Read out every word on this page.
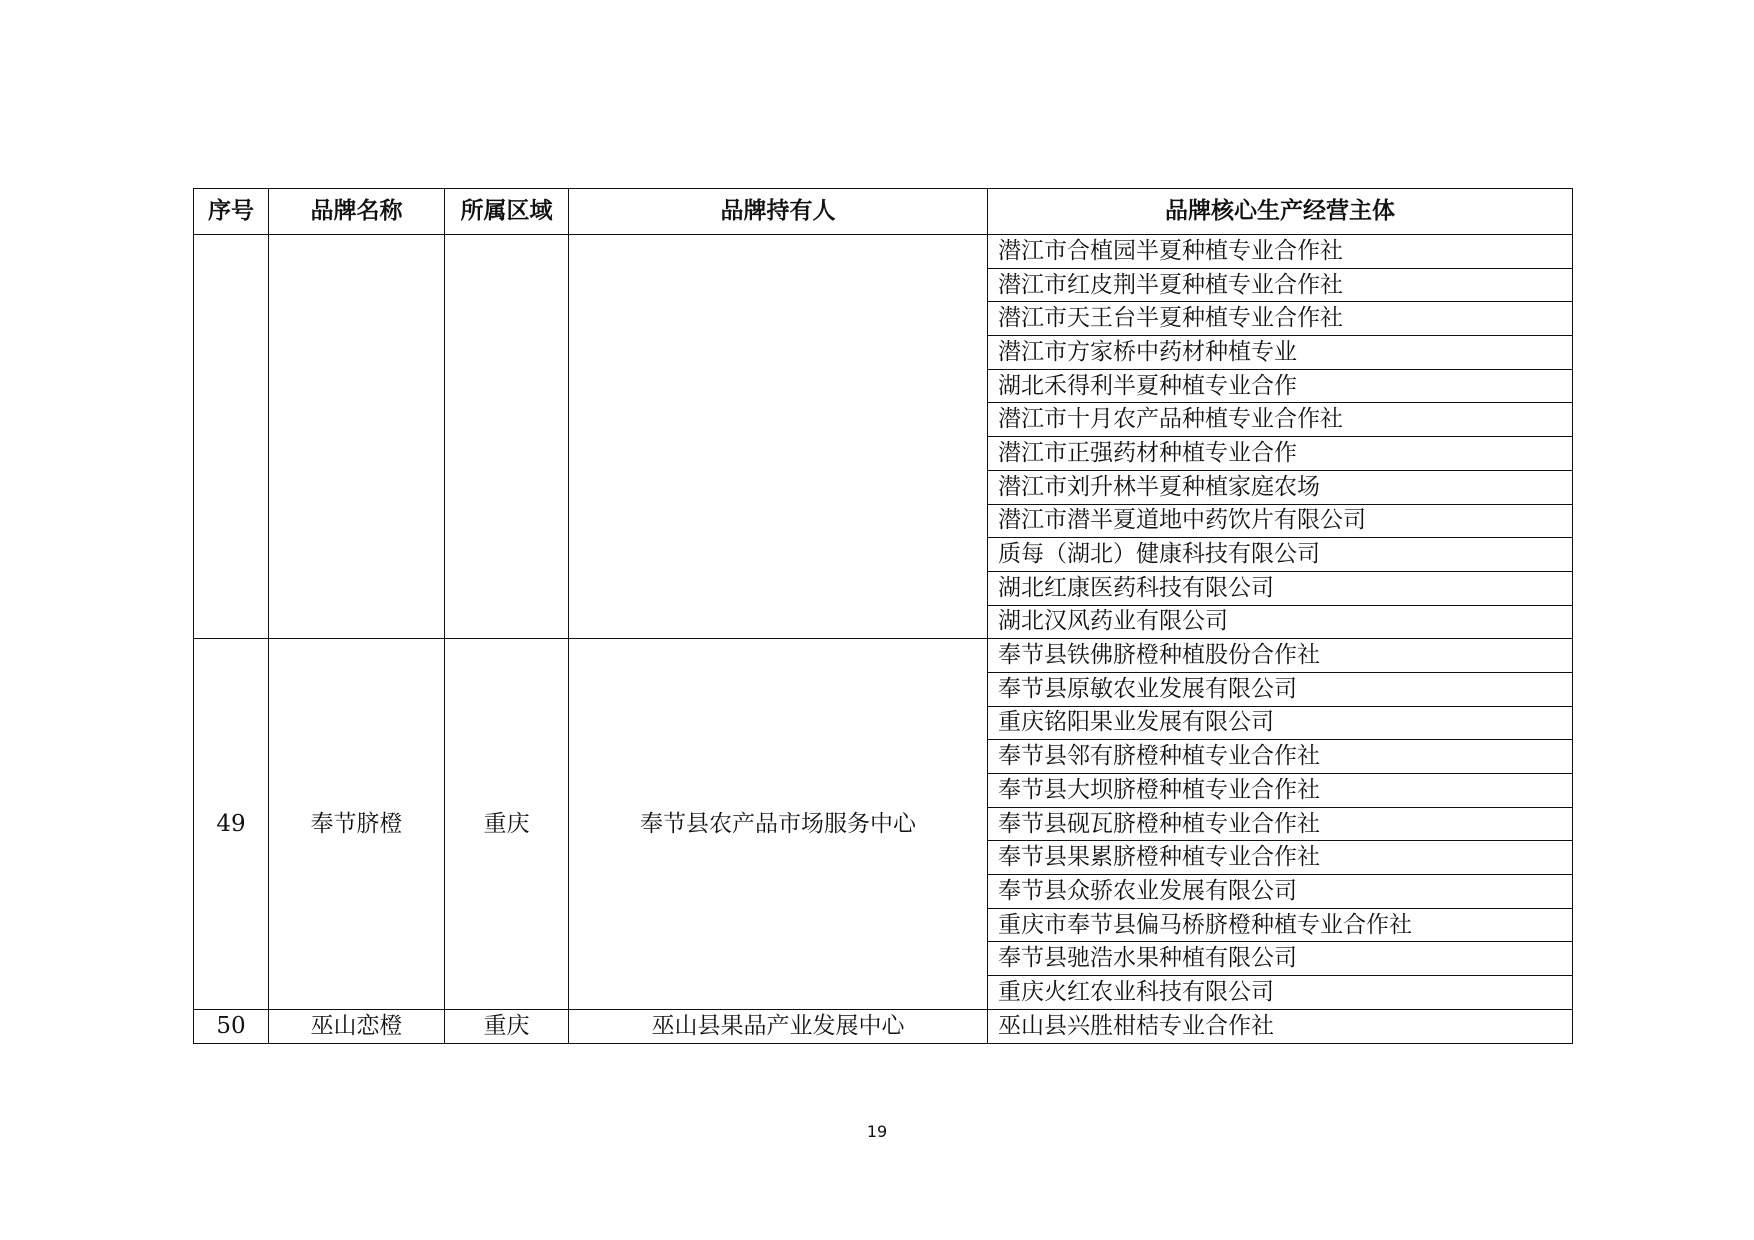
序号	品牌名称	所属区域	品牌持有人	品牌核心生产经营主体
				潜江市合植园半夏种植专业合作社
				潜江市红皮荆半夏种植专业合作社
				潜江市天王台半夏种植专业合作社
				潜江市方家桥中药材种植专业
				湖北禾得利半夏种植专业合作
				潜江市十月农产品种植专业合作社
				潜江市正强药材种植专业合作
				潜江市刘升林半夏种植家庭农场
				潜江市潜半夏道地中药饮片有限公司
				质每（湖北）健康科技有限公司
				湖北红康医药科技有限公司
				湖北汉风药业有限公司
49	奉节脐橙	重庆	奉节县农产品市场服务中心	奉节县铁佛脐橙种植股份合作社
				奉节县原敏农业发展有限公司
				重庆铭阳果业发展有限公司
				奉节县邻有脐橙种植专业合作社
				奉节县大坝脐橙种植专业合作社
				奉节县砚瓦脐橙种植专业合作社
				奉节县果累脐橙种植专业合作社
				奉节县众骄农业发展有限公司
				重庆市奉节县偏马桥脐橙种植专业合作社
				奉节县驰浩水果种植有限公司
				重庆火红农业科技有限公司
50	巫山恋橙	重庆	巫山县果品产业发展中心	巫山县兴胜柑桔专业合作社
19
